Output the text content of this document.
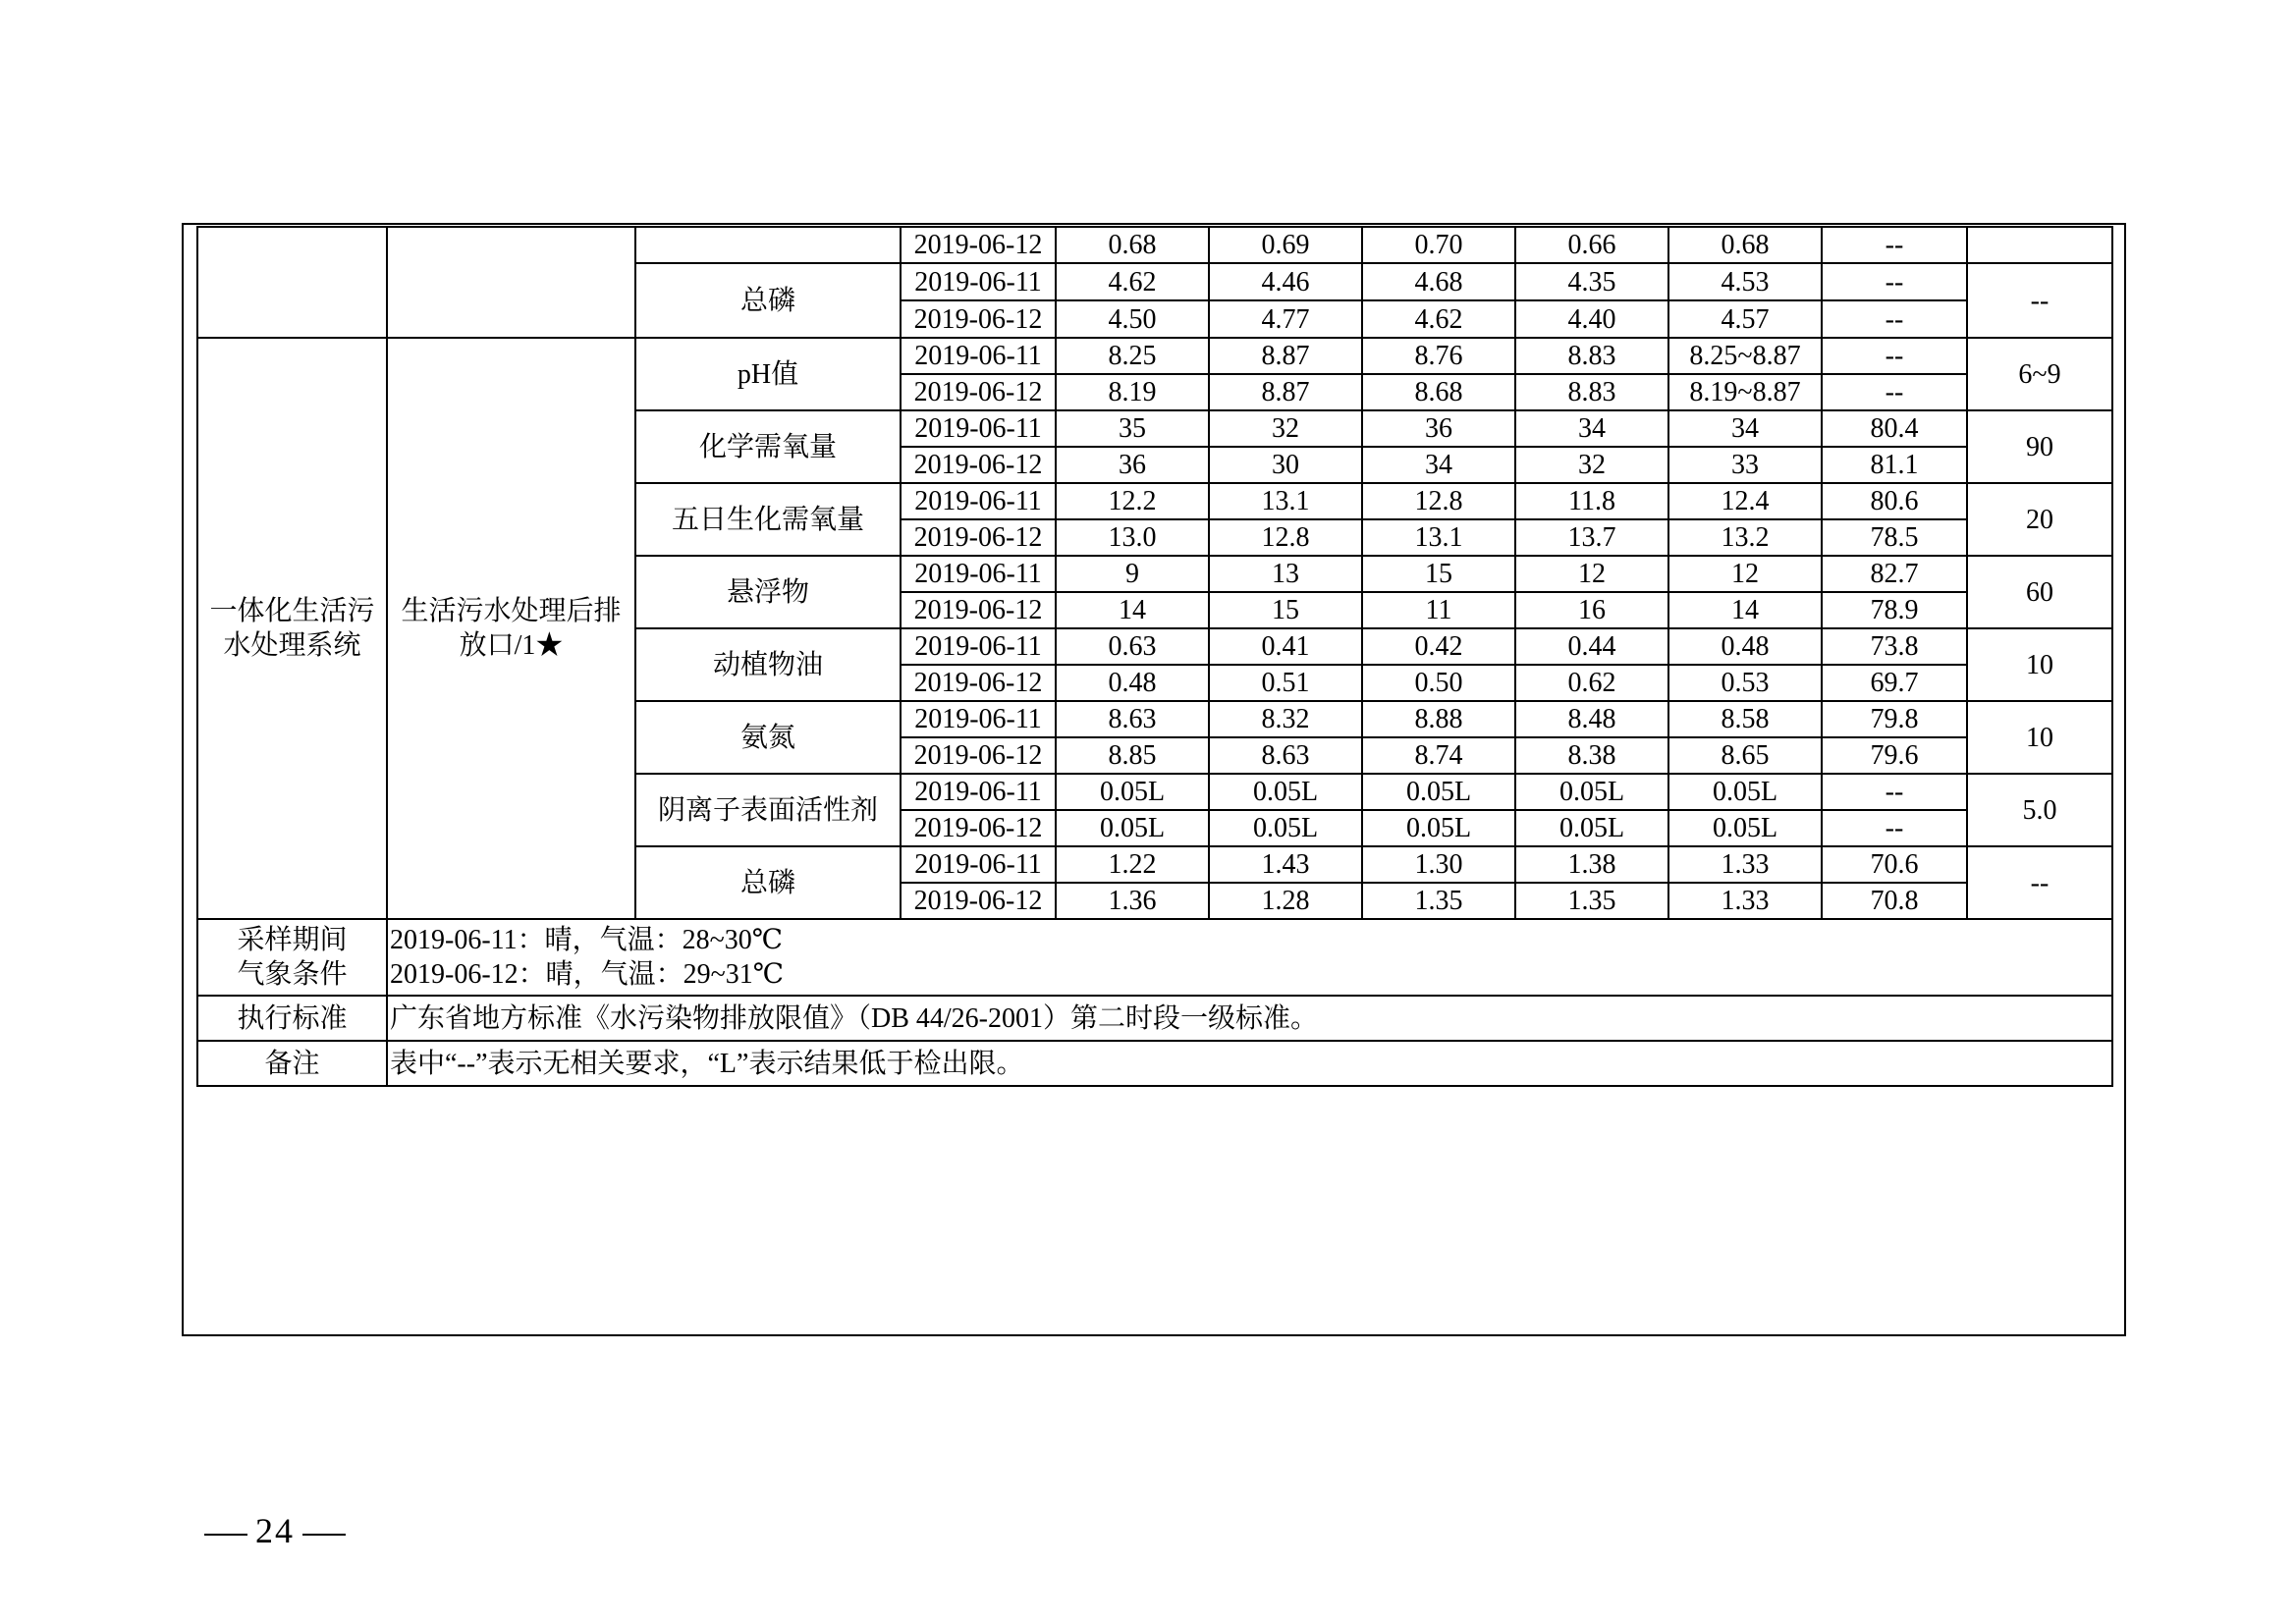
			2019-06-12	0.68	0.69	0.70	0.66	0.68	--	
		总磷	2019-06-11	4.62	4.46	4.68	4.35	4.53	--	--
			2019-06-12	4.50	4.77	4.62	4.40	4.57	--	
一体化生活污水处理系统	生活污水处理后排放口/1★	pH值	2019-06-11	8.25	8.87	8.76	8.83	8.25~8.87	--	6~9
			2019-06-12	8.19	8.87	8.68	8.83	8.19~8.87	--	
		化学需氧量	2019-06-11	35	32	36	34	34	80.4	90
			2019-06-12	36	30	34	32	33	81.1	
		五日生化需氧量	2019-06-11	12.2	13.1	12.8	11.8	12.4	80.6	20
			2019-06-12	13.0	12.8	13.1	13.7	13.2	78.5	
		悬浮物	2019-06-11	9	13	15	12	12	82.7	60
			2019-06-12	14	15	11	16	14	78.9	
		动植物油	2019-06-11	0.63	0.41	0.42	0.44	0.48	73.8	10
			2019-06-12	0.48	0.51	0.50	0.62	0.53	69.7	
		氨氮	2019-06-11	8.63	8.32	8.88	8.48	8.58	79.8	10
			2019-06-12	8.85	8.63	8.74	8.38	8.65	79.6	
		阴离子表面活性剂	2019-06-11	0.05L	0.05L	0.05L	0.05L	0.05L	--	5.0
			2019-06-12	0.05L	0.05L	0.05L	0.05L	0.05L	--	
		总磷	2019-06-11	1.22	1.43	1.30	1.38	1.33	70.6	--
			2019-06-12	1.36	1.28	1.35	1.35	1.33	70.8	
采样期间气象条件	2019-06-11：晴，气温：28~30℃
2019-06-12：晴，气温：29~31℃									

执行标准	广东省地方标准《水污染物排放限值》（DB 44/26-2001）第二时段一级标准。									
备注	表中“--”表示无相关要求，“L”表示结果低于检出限。									
24
